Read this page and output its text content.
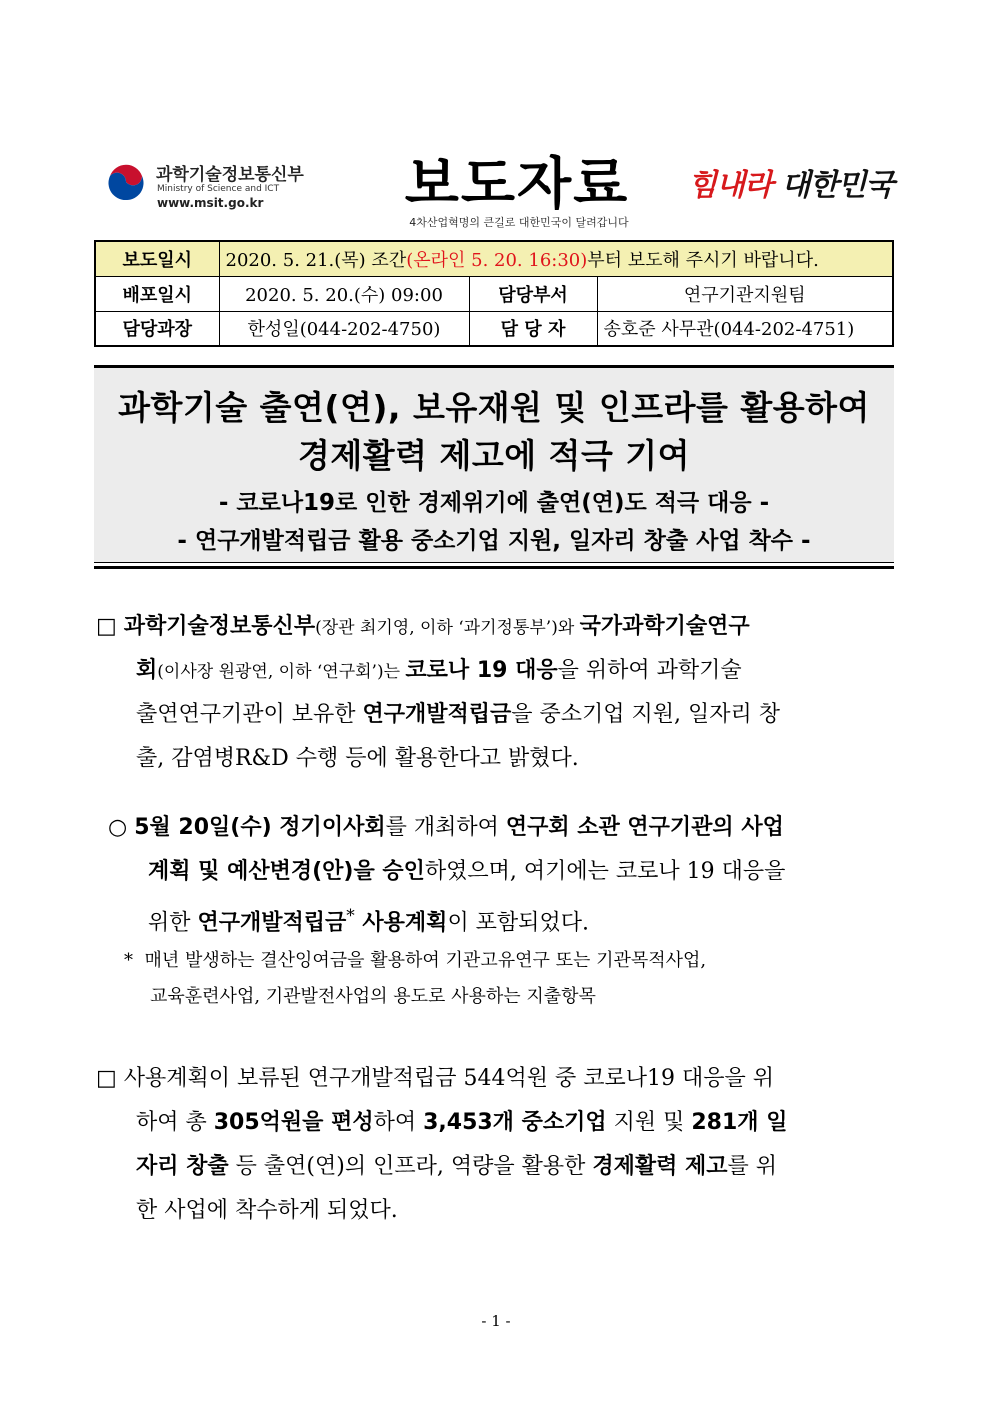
과학기술정보통신부
Ministry of Science and ICT
www.msit.go.kr	보도자료
4차산업혁명의 큰길로 대한민국이 달려갑니다
힘내라 대한민국
보도일시	2020. 5. 21.(목) 조간(온라인 5. 20. 16:30)부터 보도해 주시기 바랍니다.		
배포일시	2020. 5. 20.(수) 09:00	담당부서	연구기관지원팀
담당과장	한성일(044-202-4750)	담 당 자	송호준 사무관(044-202-4751)
과학기술 출연(연), 보유재원 및 인프라를 활용하여
경제활력 제고에 적극 기여
- 코로나19로 인한 경제위기에 출연(연)도 적극 대응 -
- 연구개발적립금 활용 중소기업 지원, 일자리 창출 사업 착수 -
□ 과학기술정보통신부(장관 최기영, 이하 ‘과기정통부’)와 국가과학기술연구
회(이사장 원광연, 이하 ‘연구회’)는 코로나 19 대응을 위하여 과학기술
출연연구기관이 보유한 연구개발적립금을 중소기업 지원, 일자리 창
출, 감염병R&D 수행 등에 활용한다고 밝혔다.
○ 5월 20일(수) 정기이사회를 개최하여 연구회 소관 연구기관의 사업
계획 및 예산변경(안)을 승인하였으며, 여기에는 코로나 19 대응을
위한 연구개발적립금* 사용계획이 포함되었다.
* 매년 발생하는 결산잉여금을 활용하여 기관고유연구 또는 기관목적사업,
교육훈련사업, 기관발전사업의 용도로 사용하는 지출항목
□ 사용계획이 보류된 연구개발적립금 544억원 중 코로나19 대응을 위
하여 총 305억원을 편성하여 3,453개 중소기업 지원 및 281개 일
자리 창출 등 출연(연)의 인프라, 역량을 활용한 경제활력 제고를 위
한 사업에 착수하게 되었다.
- 1 -
